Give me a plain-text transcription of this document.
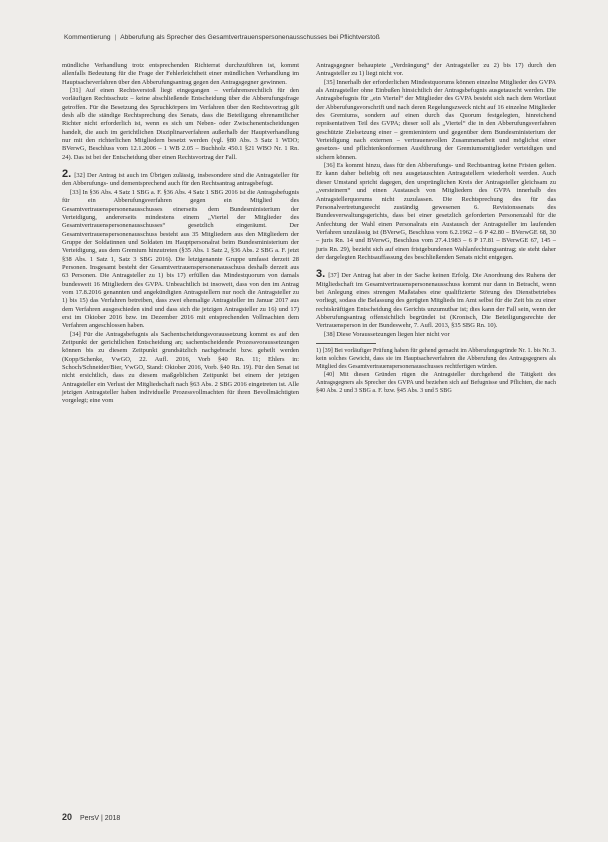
Kommentierung | Abberufung als Sprecher des Gesamtvertrauenspersonenausschusses bei Pflichtverstoß

mündliche Verhandlung trotz entsprechenden Richterrat durchzuführen ist, kommt allenfalls Bedeutung für die Frage der Fehlerleichtheit einer mündlichen Verhandlung im Hauptsacheverfahren über den Abberufungsantrag gegen den Antragsgegner gewinnen.

[31] Auf einen Rechtsverstoß liegt eingegangen – verfahrensrechtlich für den vorläufigen Rechtsschutz – keine abschließende Entscheidung über die Abberufungsfrage getroffen. Für die Besetzung des Spruchkörpers im Verfahren über den Rechtsvortrag gilt desh alb die ständige Rechtsprechung des Senats, dass die Beteiligung ehrenamtlicher Richter nicht erforderlich ist, wenn es sich um Neben- oder Zwischenentscheidungen handelt, die auch im gerichtlichen Disziplinarverfahren außerhalb der Hauptverhandlung nur mit den richterlichen Mitgliedern besetzt werden (vgl. §80 Abs. 3 Satz 1 WDO; BVerwG, Beschluss vom 12.1.2006 – 1 WB 2.05 – Buchholz 450.1 §21 WBO Nr. 1 Rn. 24). Das ist bei der Entscheidung über einen Rechtsvortrag der Fall.

2. [32] Der Antrag ist auch im Übrigen zulässig, insbesondere sind die Antragsteller für den Abberufungs- und dementsprechend auch für den Rechtsantrag antragsbefugt.

[33] In §36 Abs. 4 Satz 1 SBG a. F. §36 Abs. 4 Satz 1 SBG 2016 ist die Antragsbefugnis für ein Abberufungsverfahren gegen ein Mitglied des Gesamtvertrauenspersonenausschusses einerseits dem Bundesministerium der Verteidigung, andererseits mindestens einem „Viertel der Mitglieder des Gesamtvertrauenspersonenausschusses“ gesetzlich eingeräumt. Der Gesamtvertrauenspersonenausschuss besteht aus 35 Mitgliedern aus den Mitgliedern der Gruppe der Soldatinnen und Soldaten im Hauptpersonalrat beim Bundesministerium der Verteidigung, aus dem Gremium hinzutreten (§35 Abs. 1 Satz 2, §36 Abs. 2 SBG a. F. jetzt §38 Abs. 1 Satz 1, Satz 3 SBG 2016). Die letztgenannte Gruppe umfasst derzeit 28 Personen. Insgesamt besteht der Gesamtvertrauenspersonenausschuss deshalb derzeit aus 63 Personen. Die Antragsteller zu 1) bis 17) erfüllen das Mindestquorum von damals bundesweit 16 Mitgliedern des GVPA. Unbeachtlich ist insoweit, dass von den im Antrag vom 17.8.2016 genannten und angekündigten Antragstellern nur noch die Antragsteller zu 1) bis 15) das Verfahren betreiben, dass zwei ehemalige Antragsteller im Januar 2017 aus dem Verfahren ausgeschieden sind und dass sich die jetzigen Antragsteller zu 16) und 17) erst im Oktober 2016 bzw. im Dezember 2016 mit entsprechenden Vollmachten dem Verfahren angeschlossen haben.

[34] Für die Antragsbefugnis als Sachentscheidungsvoraussetzung kommt es auf den Zeitpunkt der gerichtlichen Entscheidung an; sachentscheidende Prozessvoraussetzungen können bis zu diesem Zeitpunkt grundsätzlich nachgebracht bzw. geheilt werden (Kopp/Schenke, VwGO, 22. Aufl. 2016, Vorb §40 Rn. 11; Ehlers in: Schoch/Schneider/Bier, VwGO, Stand: Oktober 2016, Vorb. §40 Rn. 19). Für den Senat ist nicht ersichtlich, dass zu diesem maßgeblichen Zeitpunkt bei einem der jetzigen Antragsteller ein Verlust der Mitgliedschaft nach §63 Abs. 2 SBG 2016 eingetreten ist. Alle jetzigen Antragsteller haben individuelle Prozessvollmachten für ihren Bevollmächtigten vorgelegt; eine vom

Antragsgegner behauptete „Verdrängung“ der Antragsteller zu 2) bis 17) durch den Antragsteller zu 1) liegt nicht vor.

[35] Innerhalb der erforderlichen Mindestquorums können einzelne Mitglieder des GVPA als Antragsteller ohne Einbußen hinsichtlich der Antragsbefugnis ausgetauscht werden. Die Antragsbefugnis für „ein Viertel“ der Mitglieder des GVPA besteht sich nach dem Wortlaut der Abberufungsvorschrift und nach deren Regelungszweck nicht auf 16 einzelne Mitglieder des Gremiums, sondern auf einen durch das Quorum festgelegten, hinreichend repräsentativen Teil des GVPA; dieser soll als „Viertel“ die in den Abberufungsverfahren geschützte Zielsetzung einer – gremienintern und gegenüber dem Bundesministerium der Verteidigung nach externen – vertrauensvollen Zusammenarbeit und möglichst einer gesetzes- und pflichtenkonformen Ausführung der Gremiumsmitglieder verteidigen und sichern können.

[36] Es kommt hinzu, dass für den Abberufungs- und Rechtsantrag keine Fristen gelten. Er kann daher beliebig oft neu ausgetauschten Antragstellern wiederholt werden. Auch dieser Umstand spricht dagegen, den ursprünglichen Kreis der Antragsteller gleichsam zu „versteinern“ und einen Austausch von Mitgliedern des GVPA innerhalb des Antragstellerquorums nicht zuzulassen. Die Rechtsprechung des für das Personalvertretungsrecht zuständig gewesenen 6. Revisionssenats des Bundesverwaltungsgerichts, dass bei einer gesetzlich geforderten Personenzahl für die Anfechtung der Wahl einen Personalrats ein Austausch der Antragsteller im laufenden Verfahren unzulässig ist (BVerwG, Beschluss vom 6.2.1962 – 6 P 42.80 – BVerwGE 68, 30 – juris Rn. 14 und BVerwG, Beschluss vom 27.4.1983 – 6 P 17.81 – BVerwGE 67, 145 – juris Rn. 29), bezieht sich auf einen fristgebundenen Wahlanfechtungsantrag; sie steht daher der dargelegten Rechtsauffassung des beschließenden Senats nicht entgegen.

3. [37] Der Antrag hat aber in der Sache keinen Erfolg. Die Anordnung des Ruhens der Mitgliedschaft im Gesamtvertrauenspersonenausschuss kommt nur dann in Betracht, wenn bei Anlegung eines strengen Maßstabes eine qualifizierte Störung des Dienstbetriebes vorliegt, sodass die Belassung des gerügten Mitglieds im Amt selbst für die Zeit bis zu einer rechtskräftigen Entscheidung des Gerichts unzumutbar ist; dies kann der Fall sein, wenn der Abberufungsantrag offensichtlich begründet ist (Kronisch, Die Beteiligungsrechte der Vertrauensperson in der Bundeswehr, 7. Aufl. 2013, §35 SBG Rn. 10).

[38] Diese Voraussetzungen liegen hier nicht vor

1) [39] Bei vorläufiger Prüfung haben für gehend gemacht im Abberufungsgründe Nr. 1. bis Nr. 3. kein solches Gewicht, dass sie im Hauptsacheverfahren die Abberufung des Antragsgegners als Mitglied des Gesamtvertrauenspersonenausschusses rechtfertigen würden.

[40] Mit diesen Gründen rügen die Antragsteller durchgehend die Tätigkeit des Antragsgegners als Sprecher des GVPA und beziehen sich auf Befugnisse und Pflichten, die nach §40 Abs. 2 und 3 SBG a. F. bzw. §45 Abs. 3 und 5 SBG

20 PersV | 2018
